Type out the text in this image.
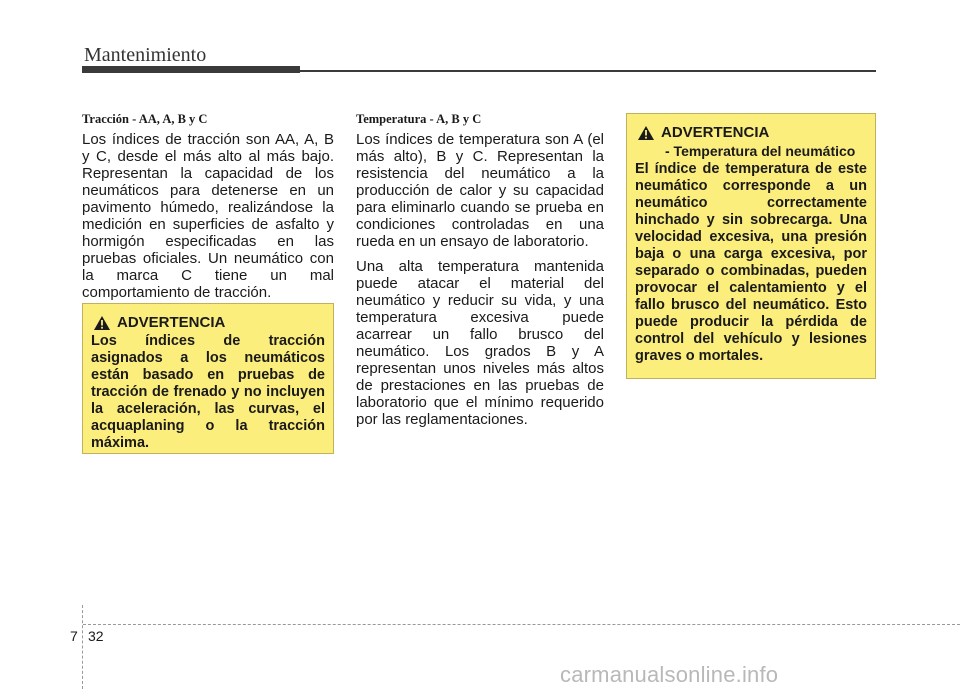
Mantenimiento
Tracción - AA, A, B y C

Los índices de tracción son AA, A, B y C, desde el más alto al más bajo. Representan la capacidad de los neumáticos para detenerse en un pavimento húmedo, realizándose la medición en superficies de asfalto y hormigón especificadas en las pruebas oficiales. Un neumático con la marca C tiene un mal comportamiento de tracción.

ADVERTENCIA

Los índices de tracción asignados a los neumáticos están basado en pruebas de tracción de frenado y no incluyen la aceleración, las curvas, el acquaplaning o la tracción máxima.

Temperatura - A, B y C

Los índices de temperatura son A (el más alto), B y C. Representan la resistencia del neumático a la producción de calor y su capacidad para eliminarlo cuando se prueba en condiciones controladas en una rueda en un ensayo de laboratorio.

Una alta temperatura mantenida puede atacar el material del neumático y reducir su vida, y una temperatura excesiva puede acarrear un fallo brusco del neumático. Los grados B y A representan unos niveles más altos de prestaciones en las pruebas de laboratorio que el mínimo requerido por las reglamentaciones.

ADVERTENCIA
- Temperatura del neumático

El índice de temperatura de este neumático corresponde a un neumático correctamente hinchado y sin sobrecarga. Una velocidad excesiva, una presión baja o una carga excesiva, por separado o combinadas, pueden provocar el calentamiento y el fallo brusco del neumático. Esto puede producir la pérdida de control del vehículo y lesiones graves o mortales.

7 32
carmanualsonline.info
